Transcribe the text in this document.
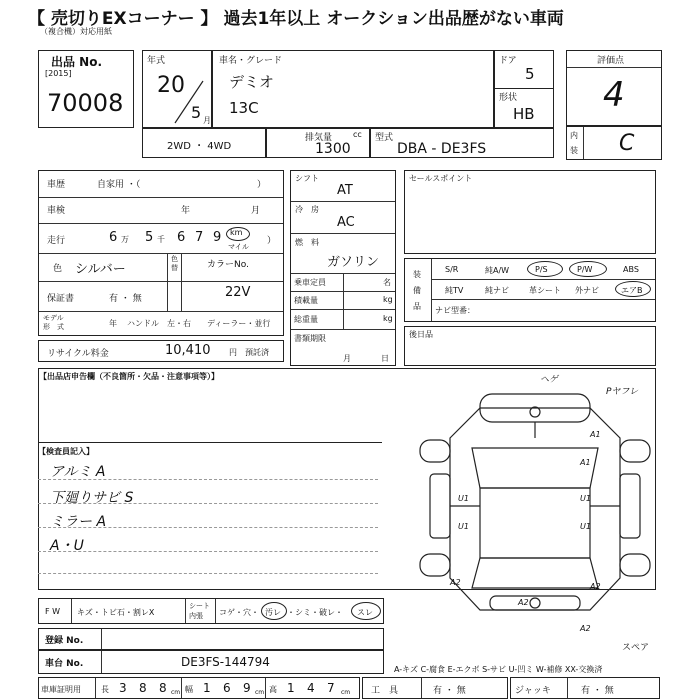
【 売切りEXコーナー 】 過去1年以上 オークション出品歴がない車両
（複合機）対応用紙
出品 No.
[2015]
70008
年式
20
5 月
車名・グレード
デミオ
13C
ドア
5
形状
HB
評価点
4
内
装 C
2WD ・ 4WD
排気量	cc
1300
型式
DBA - DE3FS
車歴	自家用 ・（	）
車検	年	月
走行	6 万 5 千 6 7 9 km
マイル
）
色 シルバー
色替	カラーNo.
22V
保証書	有 ・ 無
モデル
形　式	年 ハンドル　左・右 ディーラー・並行
リサイクル料金	10,410 円 預託済
シフト
AT
冷　房
AC
燃　料
ガソリン
乗車定員	名
積載量	kg
総重量	kg
書類期限
月	日
セールスポイント
装
備
品
S/R	純A/W	P/S	P/W	ABS
純TV	純ナビ	革シート 外ナビ	エアB
ナビ型番：
後日品
【出品店申告欄（不良箇所・欠品・注意事項等）】
【検査員記入】
アルミ A
下廻りサビ S
ミラー A
A・U
ヘゲ
Pヤフレ
A1
A1
U1
U1
U1
U1
A2
A2
A2
A2
スペア
F W キズ・トビ石・割レX
シート
内張 コゲ・穴・ 汚レ ・シミ・破レ・ スレ
登録 No.
車台 No.	DE3FS-144794
A-キズ C-腐食 E-エクボ S-サビ U-凹ミ W-補修 XX-交換済
車庫証明用	長 3 8 8 cm 幅 1 6 9 cm 高 1 4 7 cm 工　具	有 ・ 無	ジャッキ	有 ・ 無
